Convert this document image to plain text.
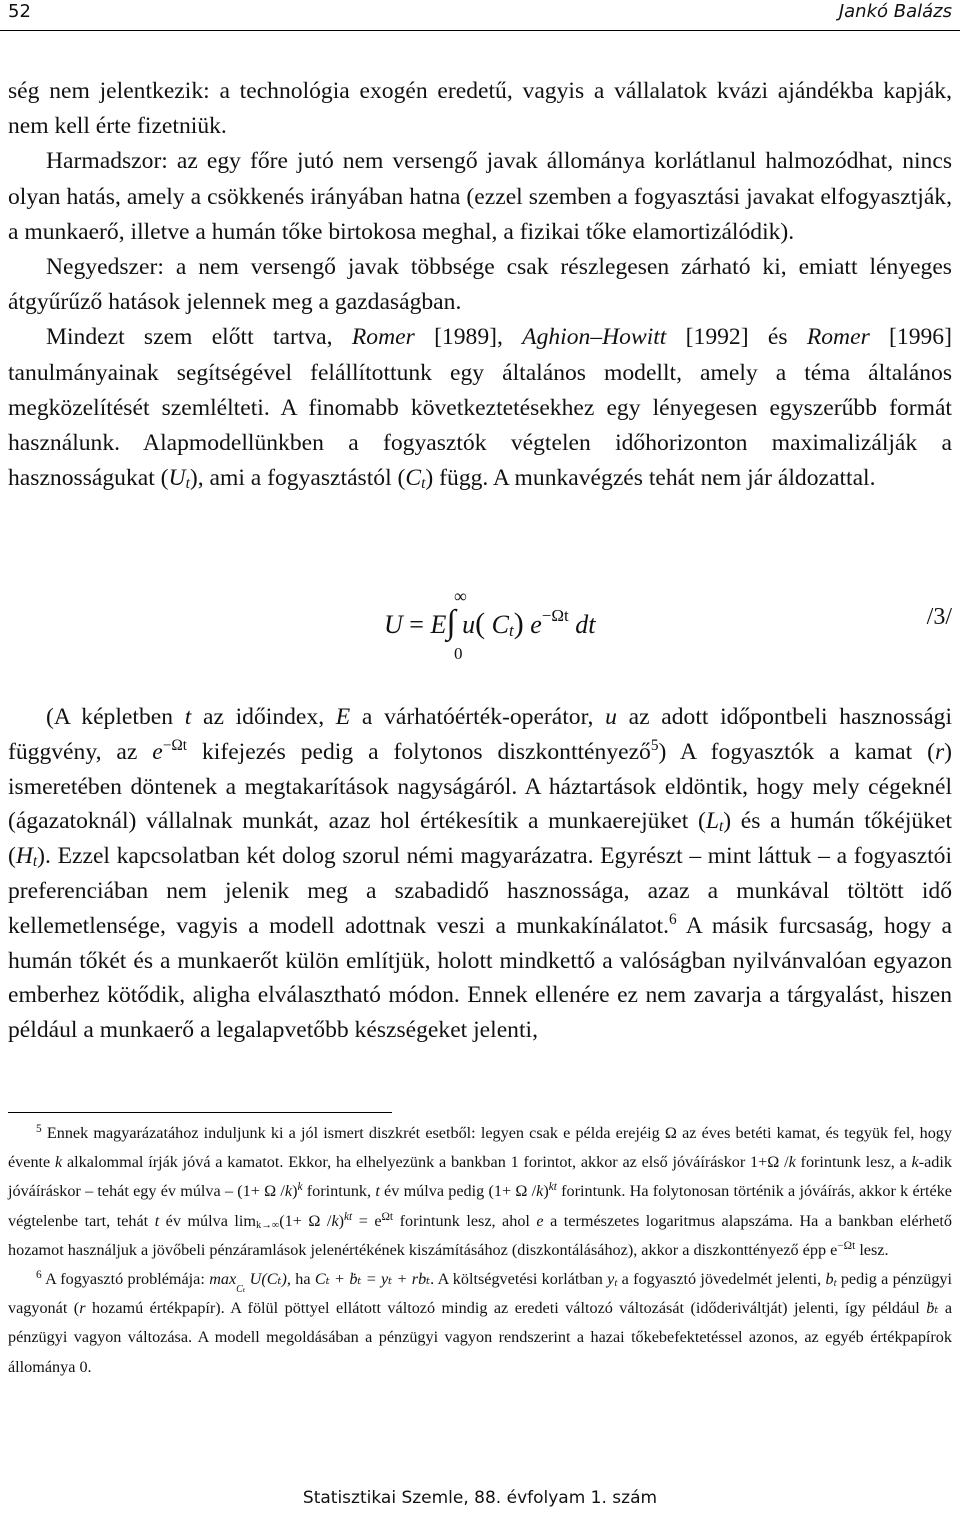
52	Jankó Balázs

ség nem jelentkezik: a technológia exogén eredetű, vagyis a vállalatok kvázi ajándékba kapják, nem kell érte fizetniük.

Harmadszor: az egy főre jutó nem versengő javak állománya korlátlanul halmozódhat, nincs olyan hatás, amely a csökkenés irányában hatna (ezzel szemben a fogyasztási javakat elfogyasztják, a munkaerő, illetve a humán tőke birtokosa meghal, a fizikai tőke elamortizálódik).

Negyedszer: a nem versengő javak többsége csak részlegesen zárható ki, emiatt lényeges átgyűrűző hatások jelennek meg a gazdaságban.

Mindezt szem előtt tartva, Romer [1989], Aghion–Howitt [1992] és Romer [1996] tanulmányainak segítségével felállítottunk egy általános modellt, amely a téma általános megközelítését szemlélteti. A finomabb következtetésekhez egy lényegesen egyszerűbb formát használunk. Alapmodellünkben a fogyasztók végtelen időhorizonton maximalizálják a hasznosságukat $(U_t)$, ami a fogyasztástól $(C_t)$ függ. A munkavégzés tehát nem jár áldozattal.

∞
U = E∫ u( $C_t$) $e^{-\Omega t}$ dt
0
/3/

(A képletben t az időindex, E a várhatóérték-operátor, u az adott időpontbeli hasznossági függvény, az $e^{-\Omega t}$ kifejezés pedig a folytonos diszkonttényező$^5$) A fogyasztók a kamat (r) ismeretében döntenek a megtakarítások nagyságáról. A háztartások eldöntik, hogy mely cégeknél (ágazatoknál) vállalnak munkát, azaz hol értékesítik a munkaerejüket $(L_t)$ és a humán tőkéjüket $(H_t)$. Ezzel kapcsolatban két dolog szorul némi magyarázatra. Egyrészt – mint láttuk – a fogyasztói preferenciában nem jelenik meg a szabadidő hasznossága, azaz a munkával töltött idő kellemetlensége, vagyis a modell adottnak veszi a munkakínálatot.$^6$ A másik furcsaság, hogy a humán tőkét és a munkaerőt külön említjük, holott mindkettő a valóságban nyilvánvalóan egyazon emberhez kötődik, aligha elválasztható módon. Ennek ellenére ez nem zavarja a tárgyalást, hiszen például a munkaerő a legalapvetőbb készségeket jelenti,

$^5$ Ennek magyarázatához induljunk ki a jól ismert diszkrét esetből: legyen csak e példa erejéig Ω az éves betéti kamat, és tegyük fel, hogy évente k alkalommal írják jóvá a kamatot. Ekkor, ha elhelyezünk a bankban 1 forintot, akkor az első jóváíráskor 1+Ω /k forintunk lesz, a k-adik jóváíráskor – tehát egy év múlva – (1+ Ω /k)$^k$ forintunk, t év múlva pedig (1+ Ω /k)$^{kt}$ forintunk. Ha folytonosan történik a jóváírás, akkor k értéke végtelenbe tart, tehát t év múlva $\lim_{k\to\infty}(1+ \Omega$ $/k)^{kt} = e^{\Omega t}$ forintunk lesz, ahol e a természetes logaritmus alapszáma. Ha a bankban elérhető hozamot használjuk a jövőbeli pénzáramlások jelenértékének kiszámításához (diszkontálásához), akkor a diszkonttényező épp $e^{-\Omega t}$ lesz.

$^6$ A fogyasztó problémája: $\max_{C_t} U(C_t)$, ha Cₜ + ḃₜ = yₜ + rbₜ. A költségvetési korlátban $y_t$ a fogyasztó jövedelmét jelenti, $b_t$ pedig a pénzügyi vagyonát (r hozamú értékpapír). A fölül pöttyel ellátott változó mindig az eredeti változó változását (időderiváltját) jelenti, így például ḃₜ a pénzügyi vagyon változása. A modell megoldásában a pénzügyi vagyon rendszerint a hazai tőkebefektetéssel azonos, az egyéb értékpapírok állománya 0.

Statisztikai Szemle, 88. évfolyam 1. szám
